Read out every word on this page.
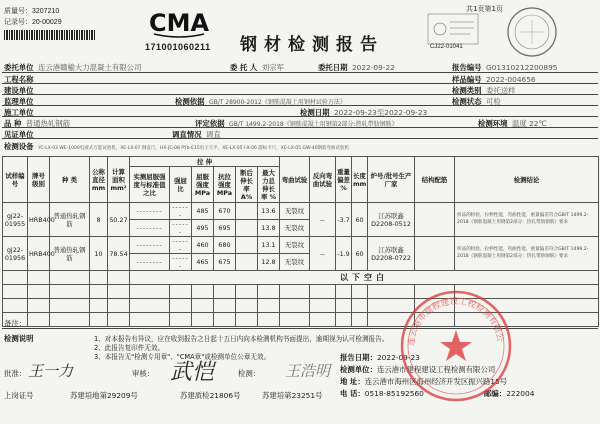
质量号：3207210
记录号：20-00029	CMA
171001060211 钢材检测报告
共1页第1页
CJ22-01041
委托单位 连云港赣榆大力混凝土有限公司	委 托 人 刘宗军	委托日期 2022-09-22	报告编号 G01310212200895
工程名称	样品编号 2022-004656
建设单位	检测类别 委托送样
监理单位	检测依据 GB/T 28900-2012《钢筋混凝土用钢材试验方法》	检测状态 可检
施工单位	检测日期 2022-09-23至2022-09-23
品 种 普通热轧钢筋	评定依据 GB/T 1499.2-2018《钢筋混凝土用钢第2部分:热轧带肋钢筋》	检测环境 温度 22℃
见证单位	调直情况 调直
检测设备 YC-LX-03 WE-1000电液式万能试验机，XE-LX-07 钢直尺，HX-JC-08 PYb-E15电子天平，XE-LX-05 I-X-06 游标卡尺，XE-LX-05 GW-40钢筋弯曲试验机
试样编号	牌号级别	种 类	公称直径 mm	计算面积 mm²	拉 伸						弯曲试验	反向弯曲试验	重量偏差 %	长度 mm	炉号/批号生产厂家	结构配筋	检测结论
					实测屈服强度与标准值之比	强屈比	屈服强度 MPa	抗拉强度 MPa	断后伸长率 A%	最大力总伸长率 %							
gj22-01955	HRB400	普通热轧钢筋	8	50.27	--------	------	485	670		13.6	无裂纹	--	-3.7	60	江苏联鑫 D2208-0512		样品的检验，拉伸性能，弯曲性能，重量偏差符合GB/T 1499.2-2018《钢筋混凝土用钢第2部分：热轧带肋钢筋》要求
					--------	------	495	695		13.8	无裂纹						
gj22-01956	HRB400	普通热轧钢筋	10	78.54	--------	------	460	680		13.1	无裂纹	--	-1.9	60	江苏联鑫 D2208-0722		样品的检验，拉伸性能，弯曲性能，重量偏差符合GB/T 1499.2-2018《钢筋混凝土用钢第2部分：热轧带肋钢筋》要求
					--------	------	465	675		12.8	无裂纹						
					以下空白												

备注：
检测说明	1、对本报告有异议，应在收到报告之日起十五日内向本检测机构书面提出，逾期视为认可检测报告。
2、此报告复印件无效。
3、本报告无"检测专用章"、"CMA章"或检测单位公章无效。
批准： 王一力	审核： 武恺	检测： 王浩明
报告日期：2022-09-23
检测单位：连云港市建程建设工程检测有限公司
地 址：连云港市海州区海州经济开发区振兴路15号
电 话：0518-85192560	邮编：222004
上岗证号	苏建培地第29209号	苏建质检21806号	苏建培第23251号
连云港市建程建设工程检测有限公
